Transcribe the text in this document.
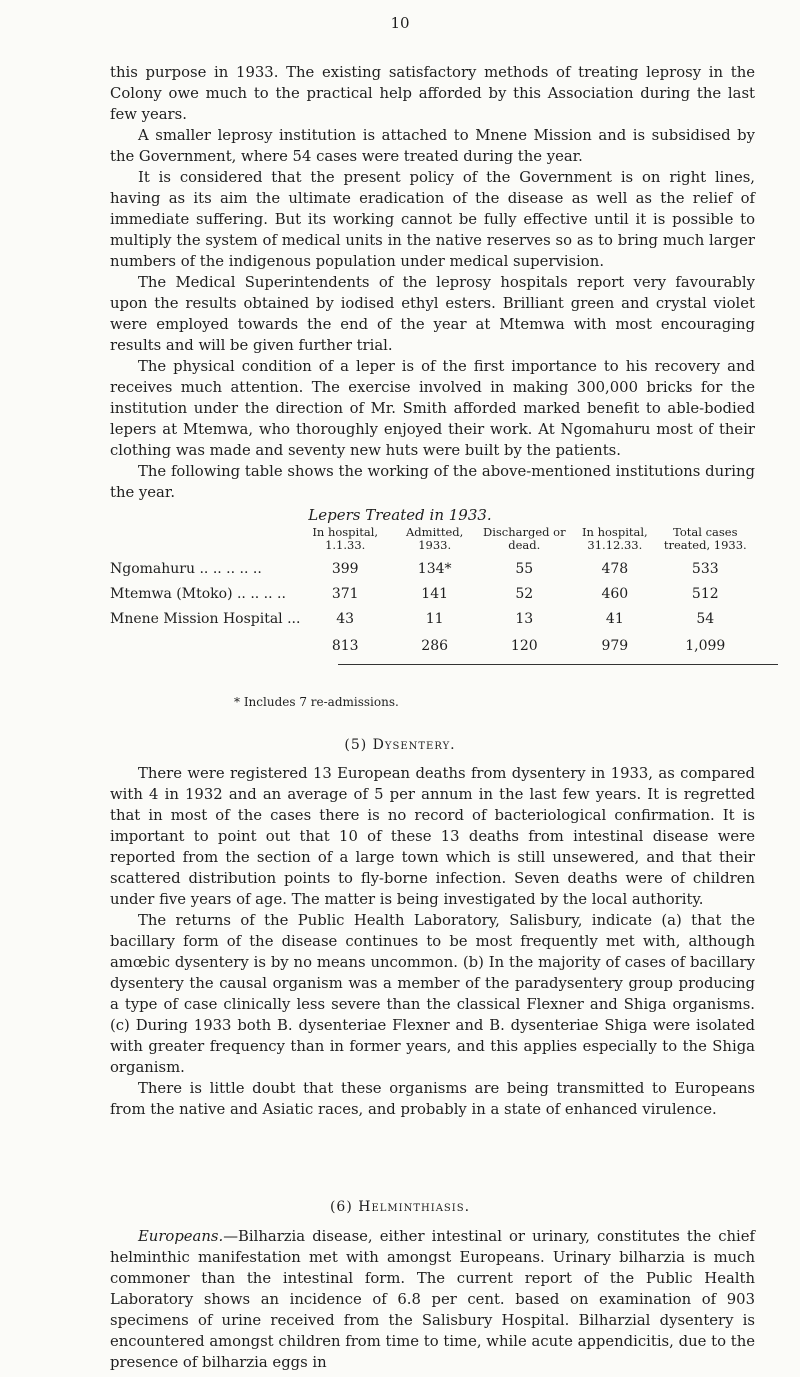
10

this purpose in 1933. The existing satisfactory methods of treating leprosy in the Colony owe much to the practical help afforded by this Association during the last few years.

A smaller leprosy institution is attached to Mnene Mission and is subsidised by the Government, where 54 cases were treated during the year.

It is considered that the present policy of the Government is on right lines, having as its aim the ultimate eradication of the disease as well as the relief of immediate suffering. But its working cannot be fully effective until it is possible to multiply the system of medical units in the native reserves so as to bring much larger numbers of the indigenous population under medical supervision.

The Medical Superintendents of the leprosy hospitals report very favourably upon the results obtained by iodised ethyl esters. Brilliant green and crystal violet were employed towards the end of the year at Mtemwa with most encouraging results and will be given further trial.

The physical condition of a leper is of the first importance to his recovery and receives much attention. The exercise involved in making 300,000 bricks for the institution under the direction of Mr. Smith afforded marked benefit to able-bodied lepers at Mtemwa, who thoroughly enjoyed their work. At Ngomahuru most of their clothing was made and seventy new huts were built by the patients.

The following table shows the working of the above-mentioned institutions during the year.

Lepers Treated in 1933.
	In hospital, 1.1.33.	Admitted, 1933.	Discharged or dead.	In hospital, 31.12.33.	Total cases treated, 1933.
Ngomahuru .. .. .. .. ..	399	134*	55	478	533
Mtemwa (Mtoko) .. .. .. ..	371	141	52	460	512
Mnene Mission Hospital ...	43	11	13	41	54
	813	286	120	979	1,099
* Includes 7 re-admissions.
(5) Dysentery.

There were registered 13 European deaths from dysentery in 1933, as compared with 4 in 1932 and an average of 5 per annum in the last few years. It is regretted that in most of the cases there is no record of bacteriological confirmation. It is important to point out that 10 of these 13 deaths from intestinal disease were reported from the section of a large town which is still unsewered, and that their scattered distribution points to fly-borne infection. Seven deaths were of children under five years of age. The matter is being investigated by the local authority.

The returns of the Public Health Laboratory, Salisbury, indicate (a) that the bacillary form of the disease continues to be most frequently met with, although amœbic dysentery is by no means uncommon. (b) In the majority of cases of bacillary dysentery the causal organism was a member of the paradysentery group producing a type of case clinically less severe than the classical Flexner and Shiga organisms. (c) During 1933 both B. dysenteriae Flexner and B. dysenteriae Shiga were isolated with greater frequency than in former years, and this applies especially to the Shiga organism.

There is little doubt that these organisms are being transmitted to Europeans from the native and Asiatic races, and probably in a state of enhanced virulence.

(6) Helminthiasis.

Europeans.—Bilharzia disease, either intestinal or urinary, constitutes the chief helminthic manifestation met with amongst Europeans. Urinary bilharzia is much commoner than the intestinal form. The current report of the Public Health Laboratory shows an incidence of 6.8 per cent. based on examination of 903 specimens of urine received from the Salisbury Hospital. Bilharzial dysentery is encountered amongst children from time to time, while acute appendicitis, due to the presence of bilharzia eggs in
